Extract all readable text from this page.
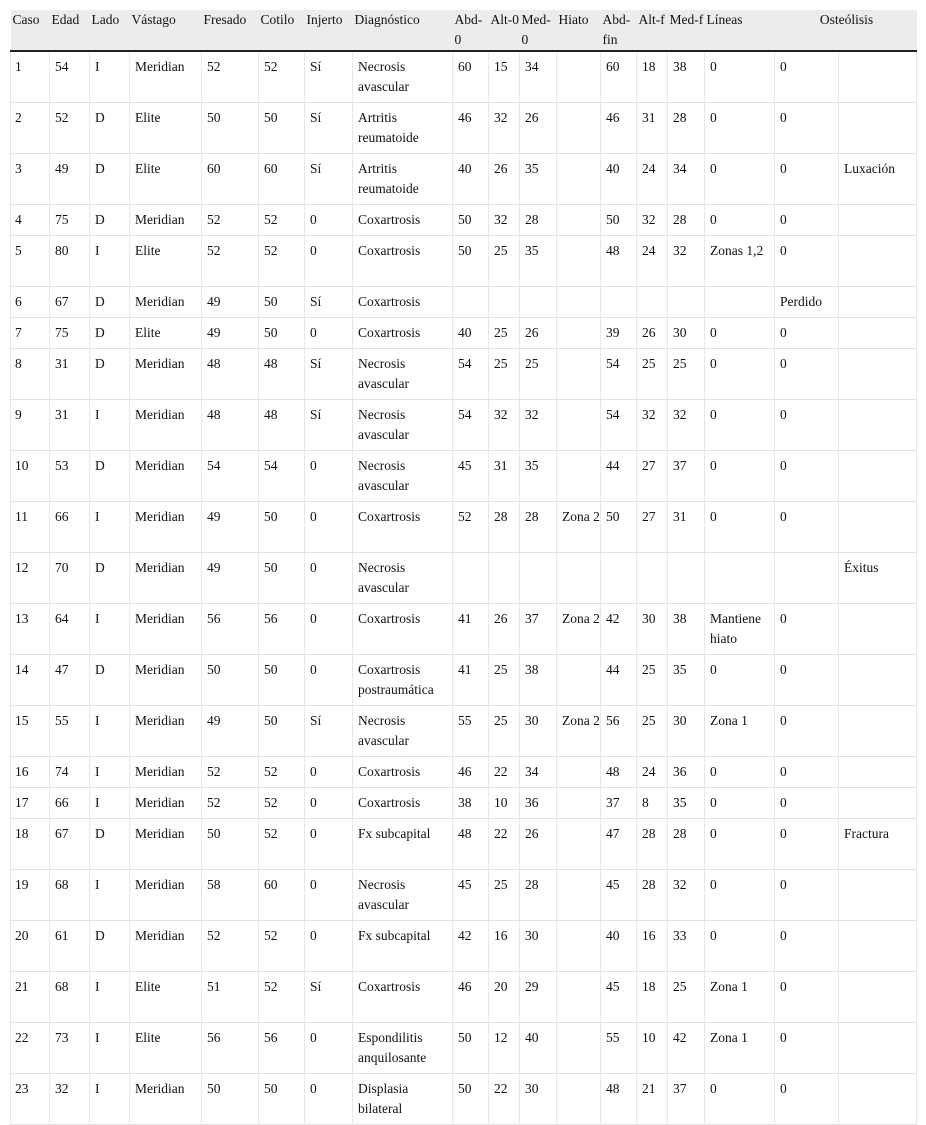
Caso	Edad	Lado	Vástago	Fresado	Cotilo	Injerto	Diagnóstico	Abd-0	Alt-0	Med-0	Hiato	Abd-fin	Alt-f	Med-f	Líneas	Osteólisis	
1	54	I	Meridian	52	52	Sí	Necrosis avascular	60	15	34		60	18	38	0	0	
2	52	D	Elite	50	50	Sí	Artritis reumatoide	46	32	26		46	31	28	0	0	
3	49	D	Elite	60	60	Sí	Artritis reumatoide	40	26	35		40	24	34	0	0	Luxación
4	75	D	Meridian	52	52	0	Coxartrosis	50	32	28		50	32	28	0	0	
5	80	I	Elite	52	52	0	Coxartrosis	50	25	35		48	24	32	Zonas 1,2	0	
6	67	D	Meridian	49	50	Sí	Coxartrosis									Perdido	
7	75	D	Elite	49	50	0	Coxartrosis	40	25	26		39	26	30	0	0	
8	31	D	Meridian	48	48	Sí	Necrosis avascular	54	25	25		54	25	25	0	0	
9	31	I	Meridian	48	48	Sí	Necrosis avascular	54	32	32		54	32	32	0	0	
10	53	D	Meridian	54	54	0	Necrosis avascular	45	31	35		44	27	37	0	0	
11	66	I	Meridian	49	50	0	Coxartrosis	52	28	28	Zona 2	50	27	31	0	0	
12	70	D	Meridian	49	50	0	Necrosis avascular										Éxitus
13	64	I	Meridian	56	56	0	Coxartrosis	41	26	37	Zona 2	42	30	38	Mantiene hiato	0	
14	47	D	Meridian	50	50	0	Coxartrosis postraumática	41	25	38		44	25	35	0	0	
15	55	I	Meridian	49	50	Sí	Necrosis avascular	55	25	30	Zona 2	56	25	30	Zona 1	0	
16	74	I	Meridian	52	52	0	Coxartrosis	46	22	34		48	24	36	0	0	
17	66	I	Meridian	52	52	0	Coxartrosis	38	10	36		37	8	35	0	0	
18	67	D	Meridian	50	52	0	Fx subcapital	48	22	26		47	28	28	0	0	Fractura
19	68	I	Meridian	58	60	0	Necrosis avascular	45	25	28		45	28	32	0	0	
20	61	D	Meridian	52	52	0	Fx subcapital	42	16	30		40	16	33	0	0	
21	68	I	Elite	51	52	Sí	Coxartrosis	46	20	29		45	18	25	Zona 1	0	
22	73	I	Elite	56	56	0	Espondilitis anquilosante	50	12	40		55	10	42	Zona 1	0	
23	32	I	Meridian	50	50	0	Displasia bilateral	50	22	30		48	21	37	0	0	
